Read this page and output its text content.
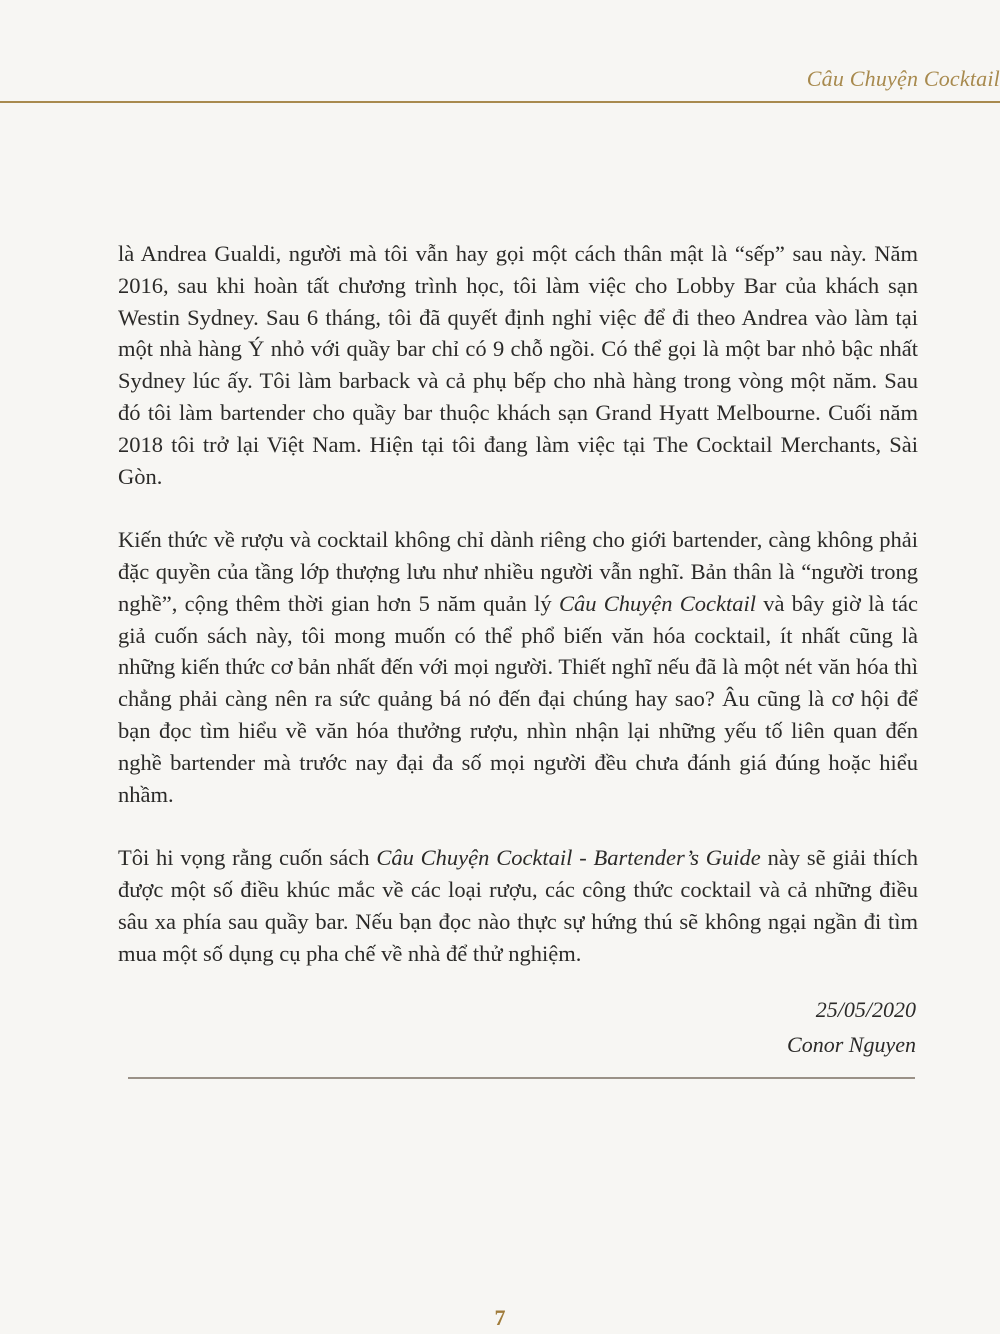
Câu Chuyện Cocktail

là Andrea Gualdi, người mà tôi vẫn hay gọi một cách thân mật là “sếp” sau này. Năm 2016, sau khi hoàn tất chương trình học, tôi làm việc cho Lobby Bar của khách sạn Westin Sydney. Sau 6 tháng, tôi đã quyết định nghỉ việc để đi theo Andrea vào làm tại một nhà hàng Ý nhỏ với quầy bar chỉ có 9 chỗ ngồi. Có thể gọi là một bar nhỏ bậc nhất Sydney lúc ấy. Tôi làm barback và cả phụ bếp cho nhà hàng trong vòng một năm. Sau đó tôi làm bartender cho quầy bar thuộc khách sạn Grand Hyatt Melbourne. Cuối năm 2018 tôi trở lại Việt Nam. Hiện tại tôi đang làm việc tại The Cocktail Merchants, Sài Gòn.

Kiến thức về rượu và cocktail không chỉ dành riêng cho giới bartender, càng không phải đặc quyền của tầng lớp thượng lưu như nhiều người vẫn nghĩ. Bản thân là “người trong nghề”, cộng thêm thời gian hơn 5 năm quản lý Câu Chuyện Cocktail và bây giờ là tác giả cuốn sách này, tôi mong muốn có thể phổ biến văn hóa cocktail, ít nhất cũng là những kiến thức cơ bản nhất đến với mọi người. Thiết nghĩ nếu đã là một nét văn hóa thì chẳng phải càng nên ra sức quảng bá nó đến đại chúng hay sao? Âu cũng là cơ hội để bạn đọc tìm hiểu về văn hóa thưởng rượu, nhìn nhận lại những yếu tố liên quan đến nghề bartender mà trước nay đại đa số mọi người đều chưa đánh giá đúng hoặc hiểu nhầm.

Tôi hi vọng rằng cuốn sách Câu Chuyện Cocktail - Bartender’s Guide này sẽ giải thích được một số điều khúc mắc về các loại rượu, các công thức cocktail và cả những điều sâu xa phía sau quầy bar. Nếu bạn đọc nào thực sự hứng thú sẽ không ngại ngần đi tìm mua một số dụng cụ pha chế về nhà để thử nghiệm.

25/05/2020
Conor Nguyen
7
